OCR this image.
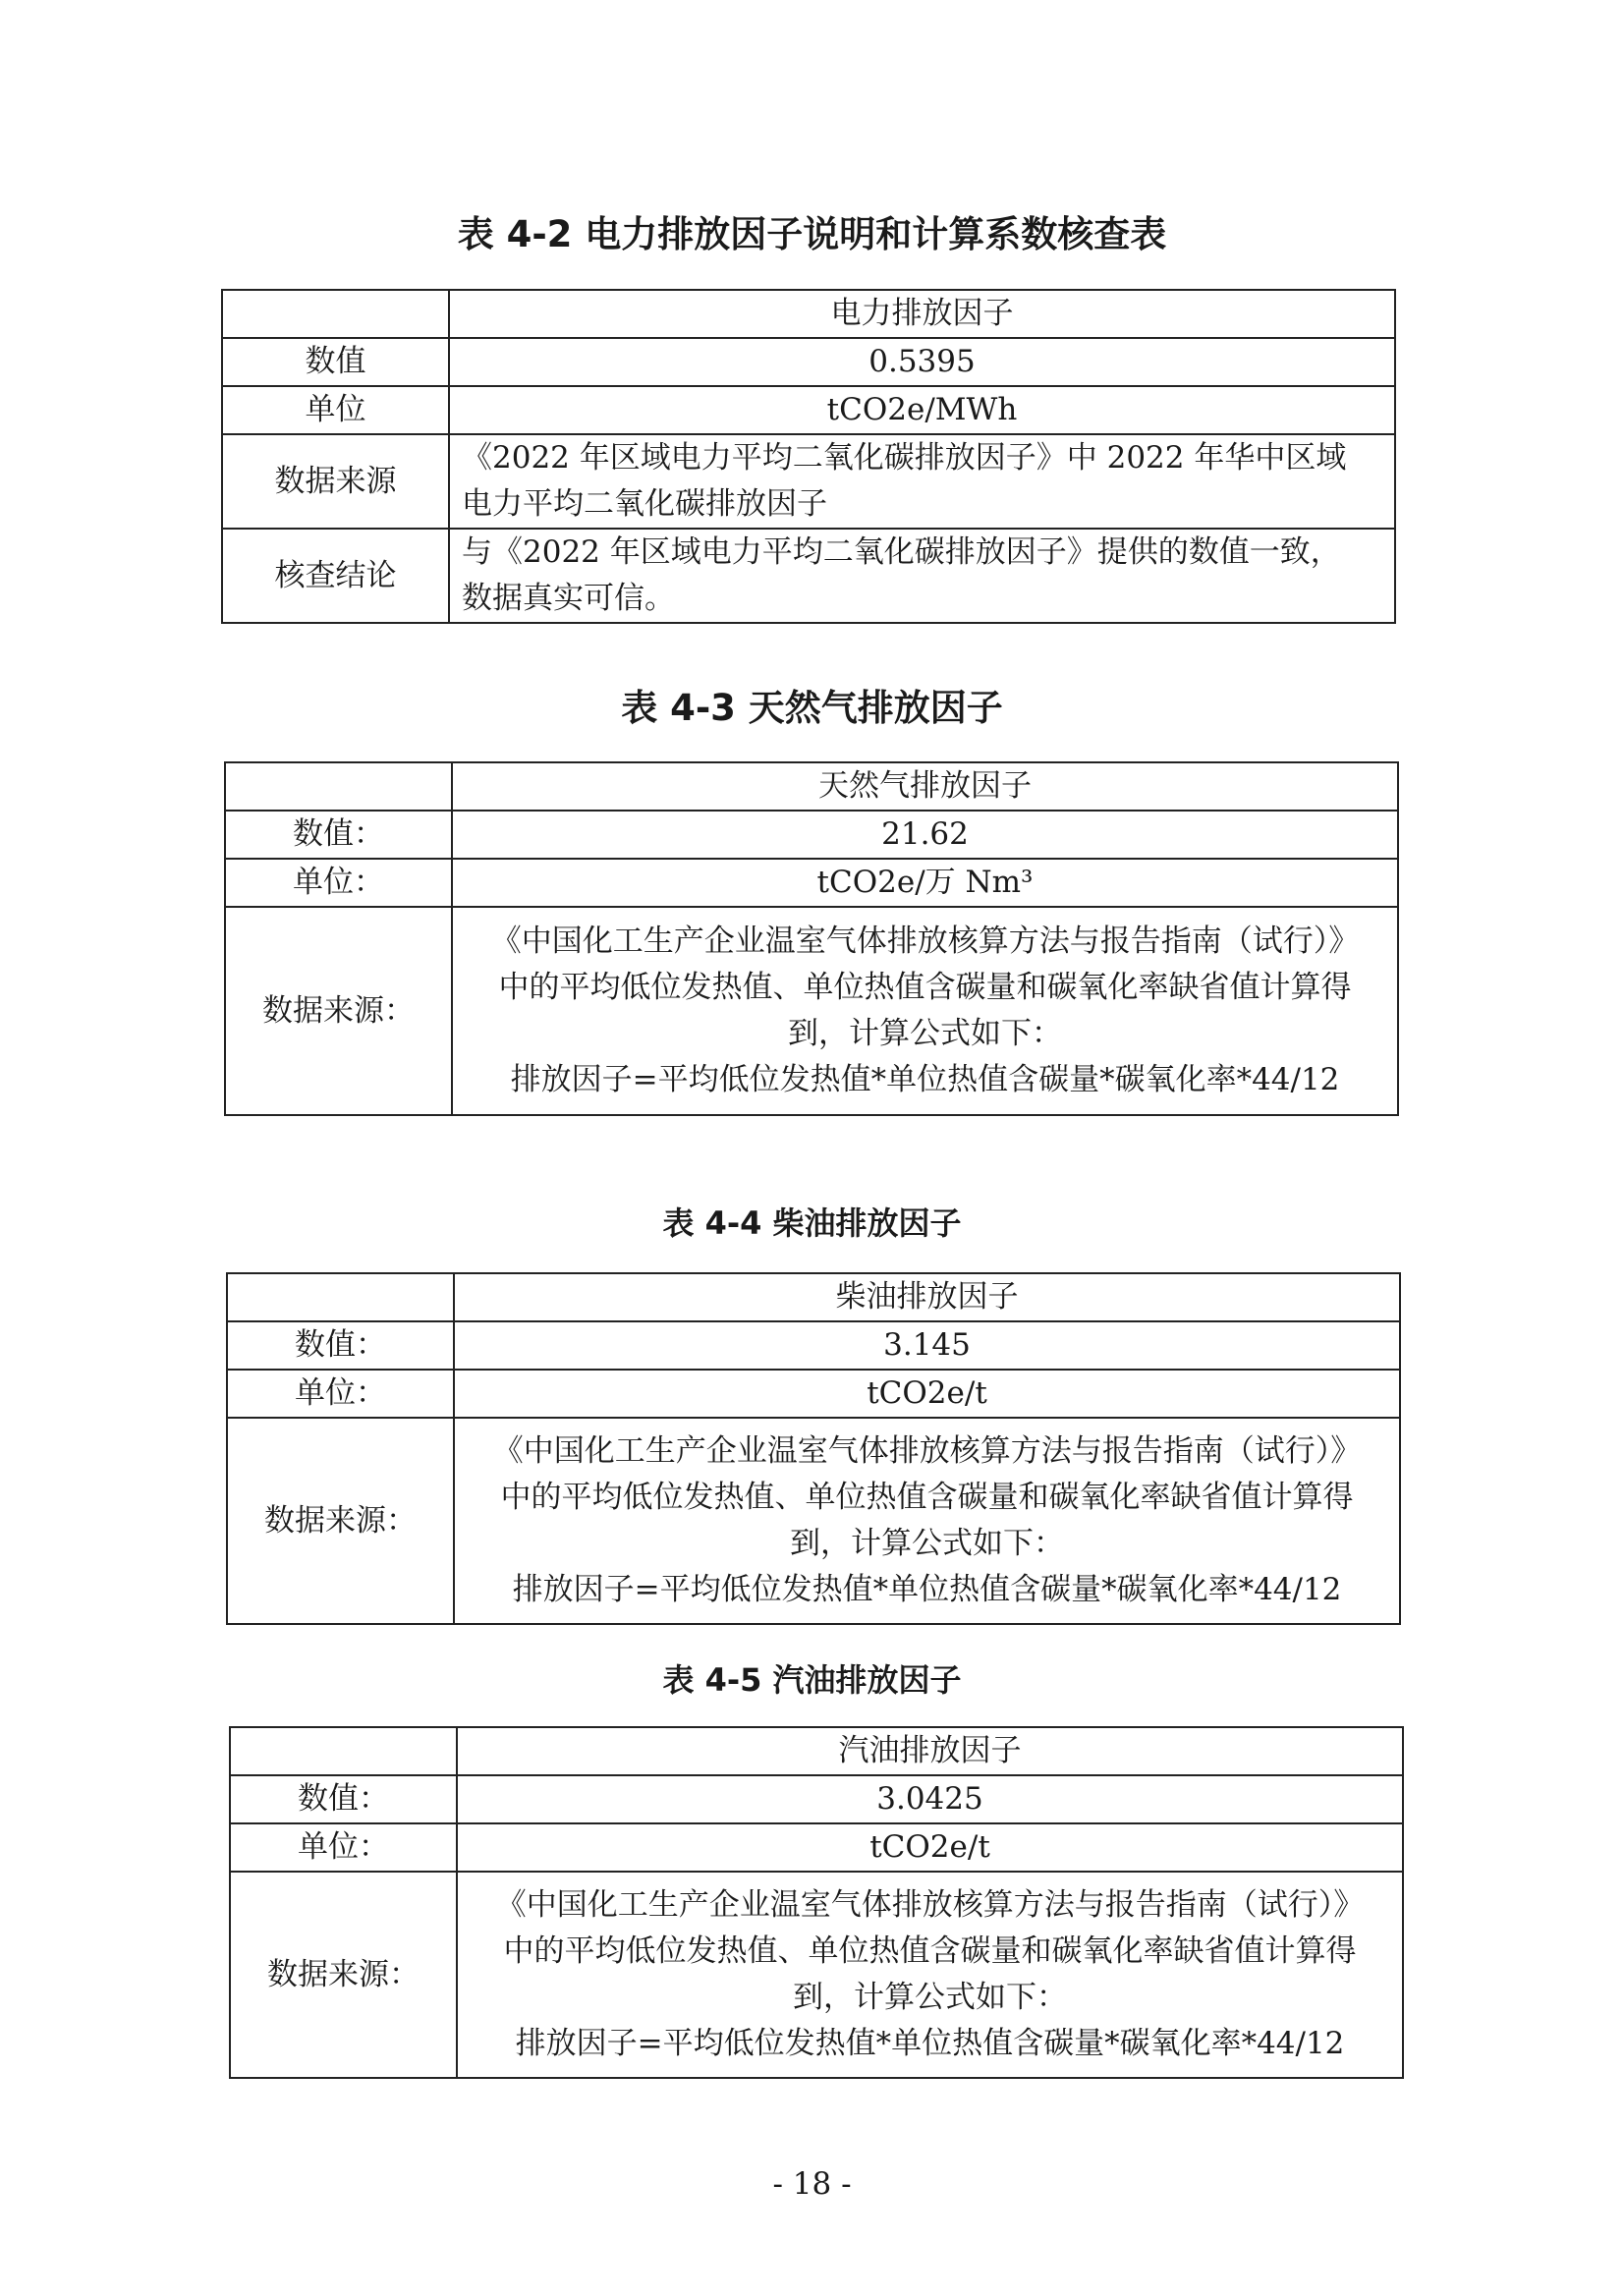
表 4-2 电力排放因子说明和计算系数核查表
	电力排放因子
数值	0.5395
单位	tCO2e/MWh
数据来源	《2022 年区域电力平均二氧化碳排放因子》中 2022 年华中区域
电力平均二氧化碳排放因子

核查结论	与《2022 年区域电力平均二氧化碳排放因子》提供的数值一致，
数据真实可信。
表 4-3 天然气排放因子
	天然气排放因子
数值：	21.62
单位：	tCO2e/万 Nm³
数据来源：	《中国化工生产企业温室气体排放核算方法与报告指南（试行）》
中的平均低位发热值、单位热值含碳量和碳氧化率缺省值计算得
到，计算公式如下：
排放因子=平均低位发热值*单位热值含碳量*碳氧化率*44/12
表 4-4 柴油排放因子
	柴油排放因子
数值：	3.145
单位：	tCO2e/t
数据来源：	《中国化工生产企业温室气体排放核算方法与报告指南（试行）》
中的平均低位发热值、单位热值含碳量和碳氧化率缺省值计算得
到，计算公式如下：
排放因子=平均低位发热值*单位热值含碳量*碳氧化率*44/12
表 4-5 汽油排放因子
	汽油排放因子
数值：	3.0425
单位：	tCO2e/t
数据来源：	《中国化工生产企业温室气体排放核算方法与报告指南（试行）》
中的平均低位发热值、单位热值含碳量和碳氧化率缺省值计算得
到，计算公式如下：
排放因子=平均低位发热值*单位热值含碳量*碳氧化率*44/12
- 18 -
